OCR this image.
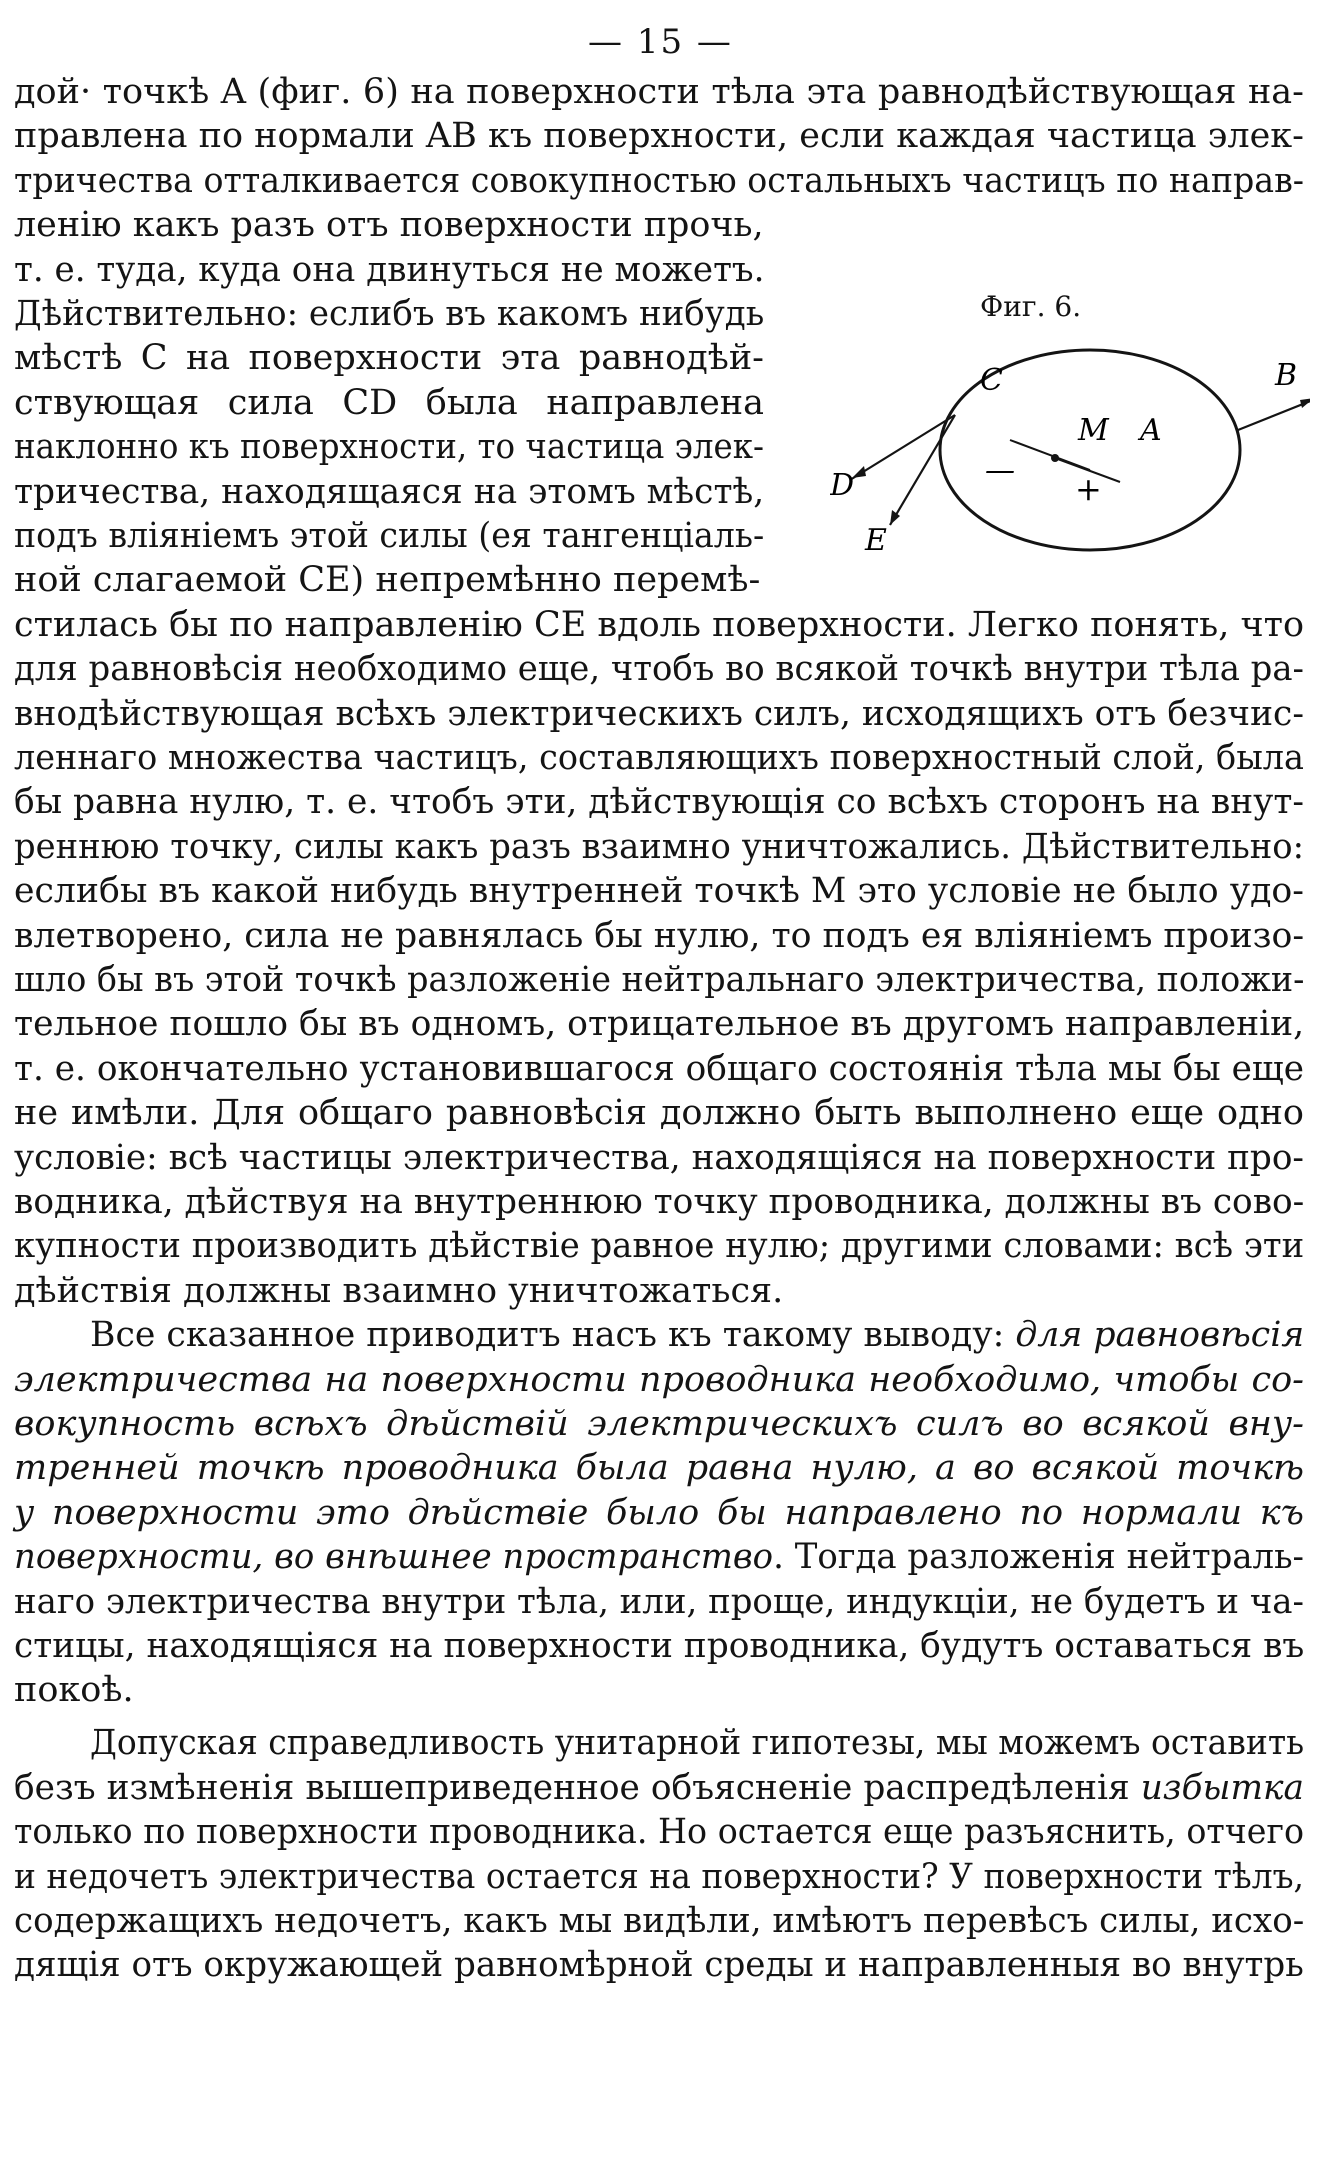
— 15 —
Фиг. 6.
C
M A
B
D
E
— +
дой· точкѣ A (фиг. 6) на поверхности тѣла эта равнодѣйствующая на-
правлена по нормали AB къ поверхности, если каждая частица элек-
тричества отталкивается совокупностью остальныхъ частицъ по направ-
ленію какъ разъ отъ поверхности прочь,
т. е. туда, куда она двинуться не можетъ.
Дѣйствительно: еслибъ въ какомъ нибудь
мѣстѣ C на поверхности эта равнодѣй-
ствующая сила CD была направлена
наклонно къ поверхности, то частица элек-
тричества, находящаяся на этомъ мѣстѣ,
подъ вліяніемъ этой силы (ея тангенціаль-
ной слагаемой CE) непремѣнно перемѣ-
стилась бы по направленію CE вдоль поверхности. Легко понять, что
для равновѣсія необходимо еще, чтобъ во всякой точкѣ внутри тѣла ра-
внодѣйствующая всѣхъ электрическихъ силъ, исходящихъ отъ безчис-
леннаго множества частицъ, составляющихъ поверхностный слой, была
бы равна нулю, т. е. чтобъ эти, дѣйствующія со всѣхъ сторонъ на внут-
реннюю точку, силы какъ разъ взаимно уничтожались. Дѣйствительно:
еслибы въ какой нибудь внутренней точкѣ M это условіе не было удо-
влетворено, сила не равнялась бы нулю, то подъ ея вліяніемъ произо-
шло бы въ этой точкѣ разложеніе нейтральнаго электричества, положи-
тельное пошло бы въ одномъ, отрицательное въ другомъ направленіи,
т. е. окончательно установившагося общаго состоянія тѣла мы бы еще
не имѣли. Для общаго равновѣсія должно быть выполнено еще одно
условіе: всѣ частицы электричества, находящіяся на поверхности про-
водника, дѣйствуя на внутреннюю точку проводника, должны въ сово-
купности производить дѣйствіе равное нулю; другими словами: всѣ эти
дѣйствія должны взаимно уничтожаться.
Все сказанное приводитъ насъ къ такому выводу: для равновѣсія
электричества на поверхности проводника необходимо, чтобы со-
вокупность всѣхъ дѣйствій электрическихъ силъ во всякой вну-
тренней точкѣ проводника была равна нулю, а во всякой точкѣ
у поверхности это дѣйствіе было бы направлено по нормали къ
поверхности, во внѣшнее пространство. Тогда разложенія нейтраль-
наго электричества внутри тѣла, или, проще, индукціи, не будетъ и ча-
стицы, находящіяся на поверхности проводника, будутъ оставаться въ
покоѣ.
Допуская справедливость унитарной гипотезы, мы можемъ оставить
безъ измѣненія вышеприведенное объясненіе распредѣленія избытка
только по поверхности проводника. Но остается еще разъяснить, отчего
и недочетъ электричества остается на поверхности? У поверхности тѣлъ,
содержащихъ недочетъ, какъ мы видѣли, имѣютъ перевѣсъ силы, исхо-
дящія отъ окружающей равномѣрной среды и направленныя во внутрь
